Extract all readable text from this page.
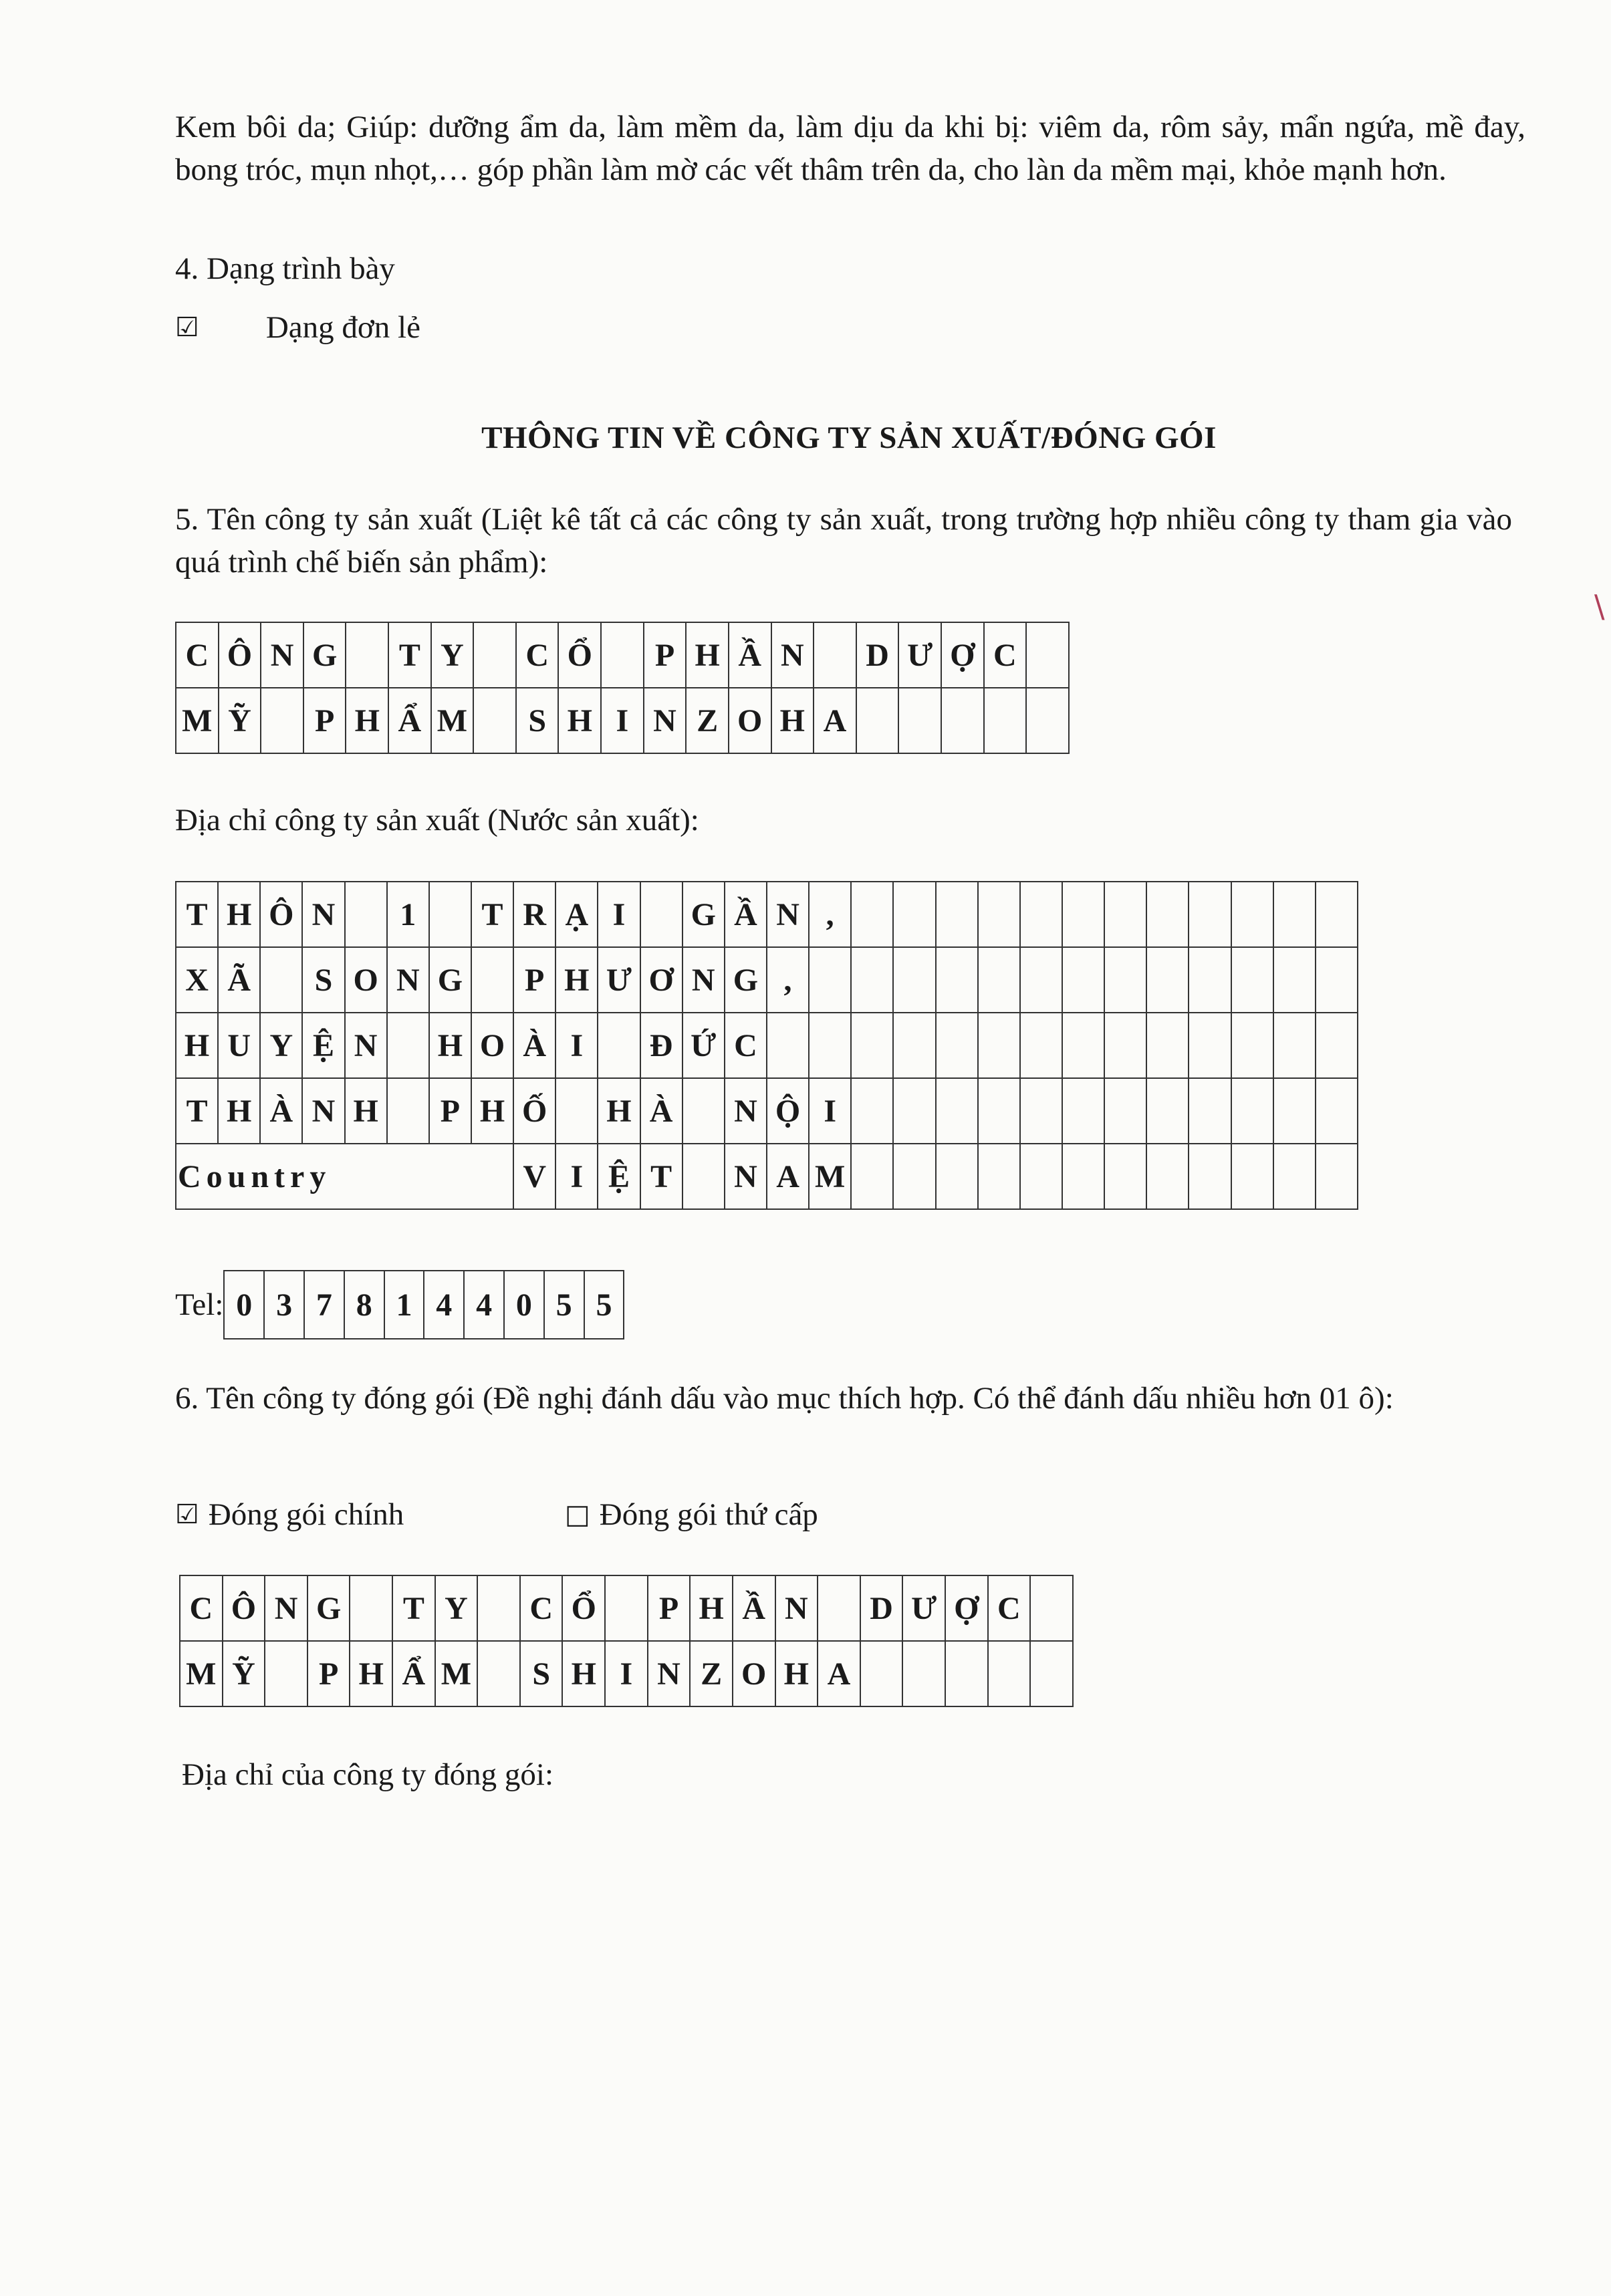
Kem bôi da; Giúp: dưỡng ẩm da, làm mềm da, làm dịu da khi bị: viêm da, rôm sảy, mẩn ngứa, mề đay, bong tróc, mụn nhọt,… góp phần làm mờ các vết thâm trên da, cho làn da mềm mại, khỏe mạnh hơn.
4. Dạng trình bày
☑ Dạng đơn lẻ
THÔNG TIN VỀ CÔNG TY SẢN XUẤT/ĐÓNG GÓI
5. Tên công ty sản xuất (Liệt kê tất cả các công ty sản xuất, trong trường hợp nhiều công ty tham gia vào quá trình chế biến sản phẩm):
C	Ô	N	G		T	Y		C	Ổ		P	H	Ầ	N		D	Ư	Ợ	C	
M	Ỹ		P	H	Ẩ	M		S	H	I	N	Z	O	H	A					
Địa chỉ công ty sản xuất (Nước sản xuất):
T	H	Ô	N		1		T	R	Ạ	I		G	Ầ	N	,												
X	Ã		S	O	N	G		P	H	Ư	Ơ	N	G	,													
H	U	Y	Ệ	N		H	O	À	I		Đ	Ứ	C														
T	H	À	N	H		P	H	Ố		H	À		N	Ộ	I												
Country								V	I	Ệ	T		N	A	M												
Tel: 0	3	7	8	1	4	4	0	5	5
6. Tên công ty đóng gói (Đề nghị đánh dấu vào mục thích hợp. Có thể đánh dấu nhiều hơn 01 ô):
☑ Đóng gói chính	□ Đóng gói thứ cấp
C	Ô	N	G		T	Y		C	Ổ		P	H	Ầ	N		D	Ư	Ợ	C	
M	Ỹ		P	H	Ẩ	M		S	H	I	N	Z	O	H	A					
Địa chỉ của công ty đóng gói:
\
